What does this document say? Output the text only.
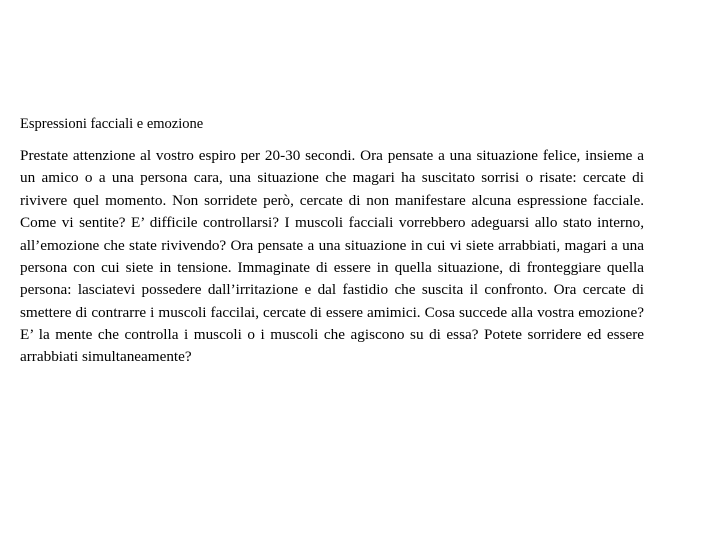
Espressioni facciali e emozione

Prestate attenzione al vostro espiro per 20-30 secondi. Ora pensate a una situazione felice, insieme a un amico o a una persona cara, una situazione che magari ha suscitato sorrisi o risate: cercate di rivivere quel momento. Non sorridete però, cercate di non manifestare alcuna espressione facciale. Come vi sentite? E’ difficile controllarsi? I muscoli facciali vorrebbero adeguarsi allo stato interno, all’emozione che state rivivendo? Ora pensate a una situazione in cui vi siete arrabbiati, magari a una persona con cui siete in tensione. Immaginate di essere in quella situazione, di fronteggiare quella persona: lasciatevi possedere dall’irritazione e dal fastidio che suscita il confronto. Ora cercate di smettere di contrarre i muscoli faccilai, cercate di essere amimici. Cosa succede alla vostra emozione? E’ la mente che controlla i muscoli o i muscoli che agiscono su di essa? Potete sorridere ed essere arrabbiati simultaneamente?
